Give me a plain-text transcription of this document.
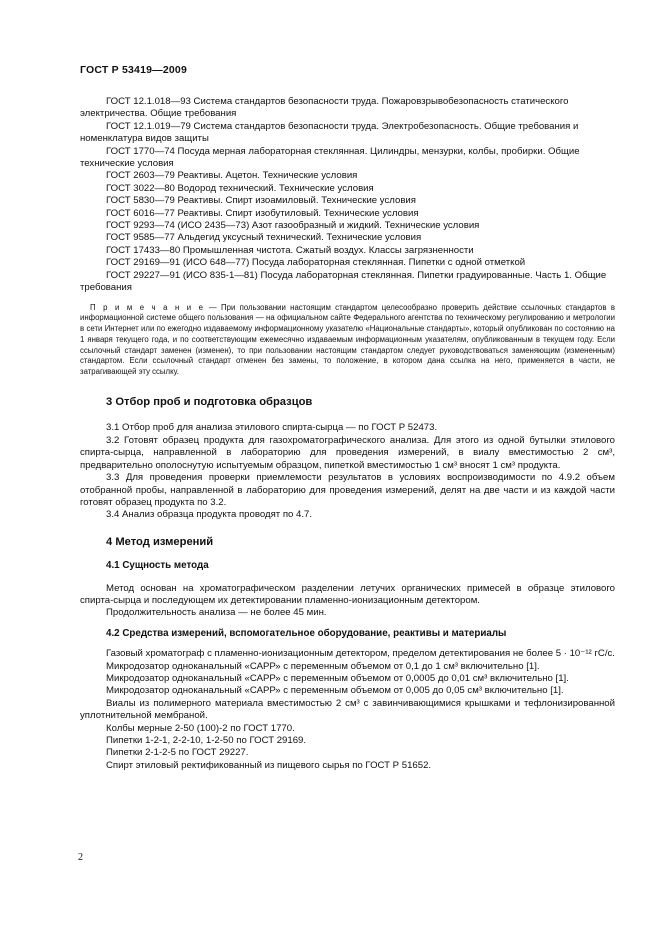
ГОСТ Р 53419—2009

ГОСТ 12.1.018—93 Система стандартов безопасности труда. Пожаровзрывобезопасность статического электричества. Общие требования

ГОСТ 12.1.019—79 Система стандартов безопасности труда. Электробезопасность. Общие требования и номенклатура видов защиты

ГОСТ 1770—74 Посуда мерная лабораторная стеклянная. Цилиндры, мензурки, колбы, пробирки. Общие технические условия

ГОСТ 2603—79 Реактивы. Ацетон. Технические условия

ГОСТ 3022—80 Водород технический. Технические условия

ГОСТ 5830—79 Реактивы. Спирт изоамиловый. Технические условия

ГОСТ 6016—77 Реактивы. Спирт изобутиловый. Технические условия

ГОСТ 9293—74 (ИСО 2435—73) Азот газообразный и жидкий. Технические условия

ГОСТ 9585—77 Альдегид уксусный технический. Технические условия

ГОСТ 17433—80 Промышленная чистота. Сжатый воздух. Классы загрязненности

ГОСТ 29169—91 (ИСО 648—77) Посуда лабораторная стеклянная. Пипетки с одной отметкой

ГОСТ 29227—91 (ИСО 835-1—81) Посуда лабораторная стеклянная. Пипетки градуированные. Часть 1. Общие требования

П р и м е ч а н и е — При пользовании настоящим стандартом целесообразно проверить действие ссылочных стандартов в информационной системе общего пользования — на официальном сайте Федерального агентства по техническому регулированию и метрологии в сети Интернет или по ежегодно издаваемому информационному указателю «Национальные стандарты», который опубликован по состоянию на 1 января текущего года, и по соответствующим ежемесячно издаваемым информационным указателям, опубликованным в текущем году. Если ссылочный стандарт заменен (изменен), то при пользовании настоящим стандартом следует руководствоваться заменяющим (измененным) стандартом. Если ссылочный стандарт отменен без замены, то положение, в котором дана ссылка на него, применяется в части, не затрагивающей эту ссылку.

3 Отбор проб и подготовка образцов

3.1 Отбор проб для анализа этилового спирта-сырца — по ГОСТ Р 52473.

3.2 Готовят образец продукта для газохроматографического анализа. Для этого из одной бутылки этилового спирта-сырца, направленной в лабораторию для проведения измерений, в виалу вместимостью 2 см³, предварительно ополоснутую испытуемым образцом, пипеткой вместимостью 1 см³ вносят 1 см³ продукта.

3.3 Для проведения проверки приемлемости результатов в условиях воспроизводимости по 4.9.2 объем отобранной пробы, направленной в лабораторию для проведения измерений, делят на две части и из каждой части готовят образец продукта по 3.2.

3.4 Анализ образца продукта проводят по 4.7.

4 Метод измерений
4.1 Сущность метода

Метод основан на хроматографическом разделении летучих органических примесей в образце этилового спирта-сырца и последующем их детектировании пламенно-ионизационным детектором.

Продолжительность анализа — не более 45 мин.

4.2 Средства измерений, вспомогательное оборудование, реактивы и материалы

Газовый хроматограф с пламенно-ионизационным детектором, пределом детектирования не более 5 · 10⁻¹² гС/с.

Микродозатор одноканальный «САРР» с переменным объемом от 0,1 до 1 см³ включительно [1].

Микродозатор одноканальный «САРР» с переменным объемом от 0,0005 до 0,01 см³ включительно [1].

Микродозатор одноканальный «САРР» с переменным объемом от 0,005 до 0,05 см³ включительно [1].

Виалы из полимерного материала вместимостью 2 см³ с завинчивающимися крышками и тефлонизированной уплотнительной мембраной.

Колбы мерные 2-50 (100)-2 по ГОСТ 1770.

Пипетки 1-2-1, 2-2-10, 1-2-50 по ГОСТ 29169.

Пипетки 2-1-2-5 по ГОСТ 29227.

Спирт этиловый ректификованный из пищевого сырья по ГОСТ Р 51652.

2
